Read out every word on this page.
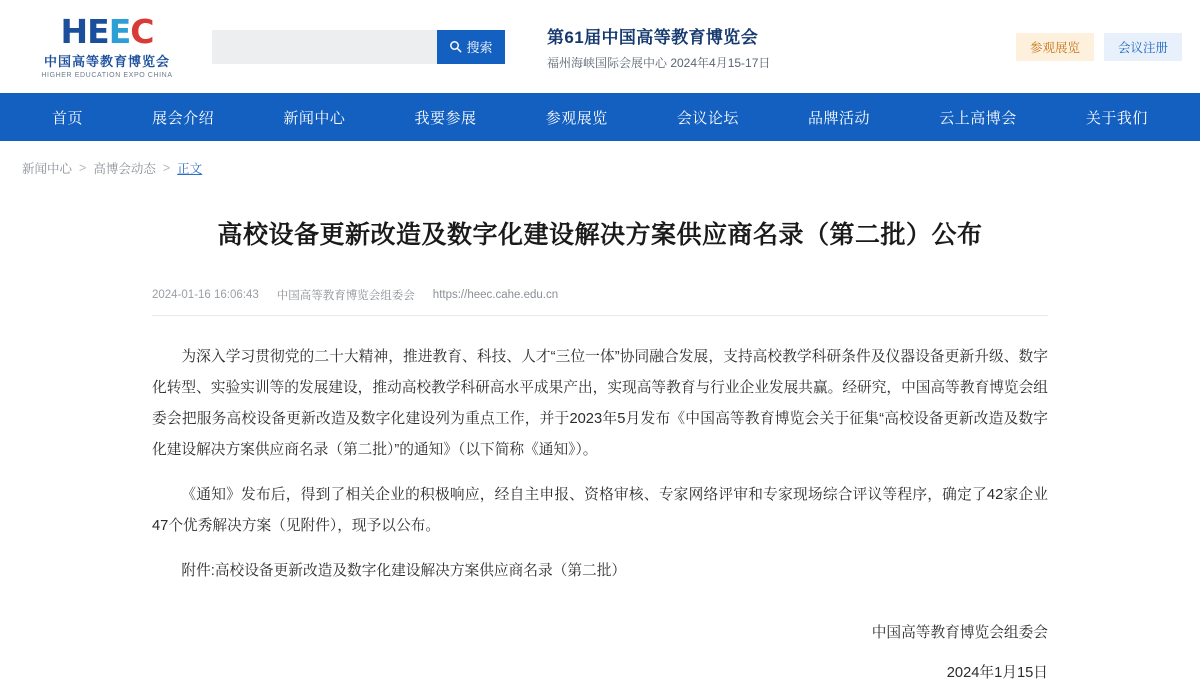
H E E C
中国高等教育博览会
HIGHER EDUCATION EXPO CHINA
搜索
第61届中国高等教育博览会
福州海峡国际会展中心 2024年4月15-17日
参观展览	会议注册
首页	展会介绍	新闻中心	我要参展	参观展览	会议论坛	品牌活动	云上高博会	关于我们
新闻中心 > 高博会动态 > 正文
高校设备更新改造及数字化建设解决方案供应商名录（第二批）公布
2024-01-16 16:06:43 中国高等教育博览会组委会 https://heec.cahe.edu.cn

为深入学习贯彻党的二十大精神，推进教育、科技、人才“三位一体”协同融合发展，支持高校教学科研条件及仪器设备更新升级、数字化转型、实验实训等的发展建设，推动高校教学科研高水平成果产出，实现高等教育与行业企业发展共赢。经研究，中国高等教育博览会组委会把服务高校设备更新改造及数字化建设列为重点工作，并于2023年5月发布《中国高等教育博览会关于征集“高校设备更新改造及数字化建设解决方案供应商名录（第二批）”的通知》（以下简称《通知》）。

《通知》发布后，得到了相关企业的积极响应，经自主申报、资格审核、专家网络评审和专家现场综合评议等程序，确定了42家企业47个优秀解决方案（见附件），现予以公布。

附件:高校设备更新改造及数字化建设解决方案供应商名录（第二批）
中国高等教育博览会组委会
2024年1月15日
